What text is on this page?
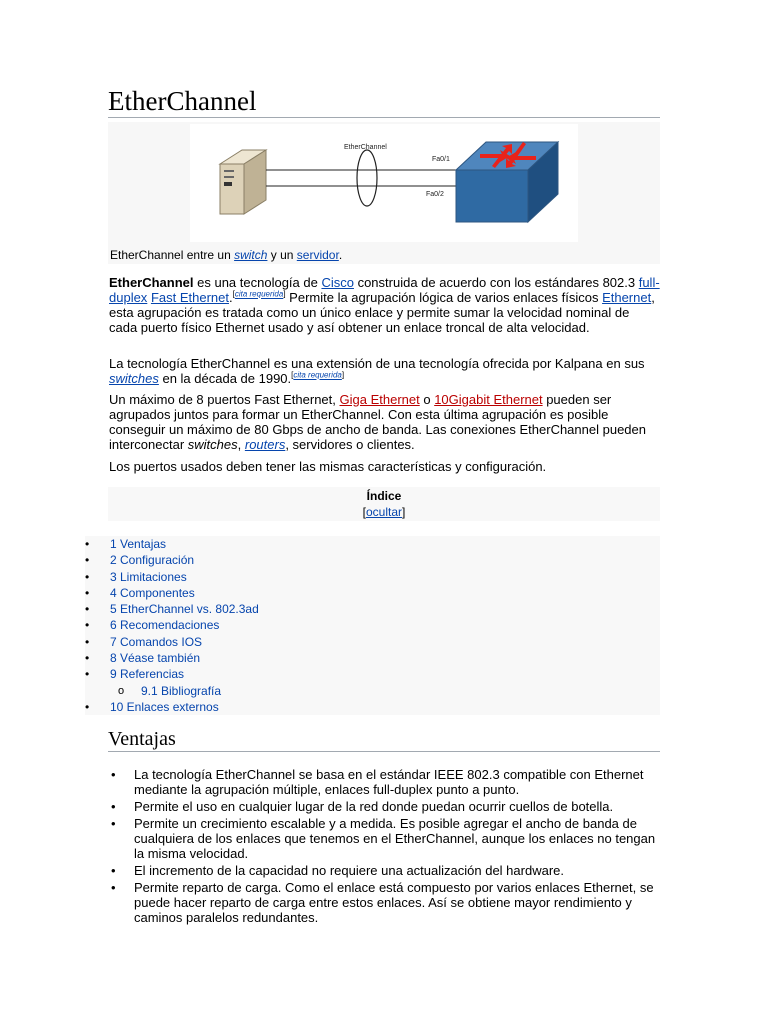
EtherChannel
EtherChannel
Fa0/1
Fa0/2
EtherChannel entre un switch y un servidor.
EtherChannel es una tecnología de Cisco construida de acuerdo con los estándares 802.3 full-duplex Fast Ethernet.[cita requerida] Permite la agrupación lógica de varios enlaces físicos Ethernet, esta agrupación es tratada como un único enlace y permite sumar la velocidad nominal de cada puerto físico Ethernet usado y así obtener un enlace troncal de alta velocidad.
La tecnología EtherChannel es una extensión de una tecnología ofrecida por Kalpana en sus switches en la década de 1990.[cita requerida]
Un máximo de 8 puertos Fast Ethernet, Giga Ethernet o 10Gigabit Ethernet pueden ser agrupados juntos para formar un EtherChannel. Con esta última agrupación es posible conseguir un máximo de 80 Gbps de ancho de banda. Las conexiones EtherChannel pueden interconectar switches, routers, servidores o clientes.
Los puertos usados deben tener las mismas características y configuración.
Índice
[ocultar]
• 1 Ventajas
• 2 Configuración
• 3 Limitaciones
• 4 Componentes
• 5 EtherChannel vs. 802.3ad
• 6 Recomendaciones
• 7 Comandos IOS
• 8 Véase también
• 9 Referencias
o 9.1 Bibliografía
• 10 Enlaces externos
Ventajas
• La tecnología EtherChannel se basa en el estándar IEEE 802.3 compatible con Ethernet mediante la agrupación múltiple, enlaces full-duplex punto a punto.
• Permite el uso en cualquier lugar de la red donde puedan ocurrir cuellos de botella.
• Permite un crecimiento escalable y a medida. Es posible agregar el ancho de banda de cualquiera de los enlaces que tenemos en el EtherChannel, aunque los enlaces no tengan la misma velocidad.
• El incremento de la capacidad no requiere una actualización del hardware.
• Permite reparto de carga. Como el enlace está compuesto por varios enlaces Ethernet, se puede hacer reparto de carga entre estos enlaces. Así se obtiene mayor rendimiento y caminos paralelos redundantes.
